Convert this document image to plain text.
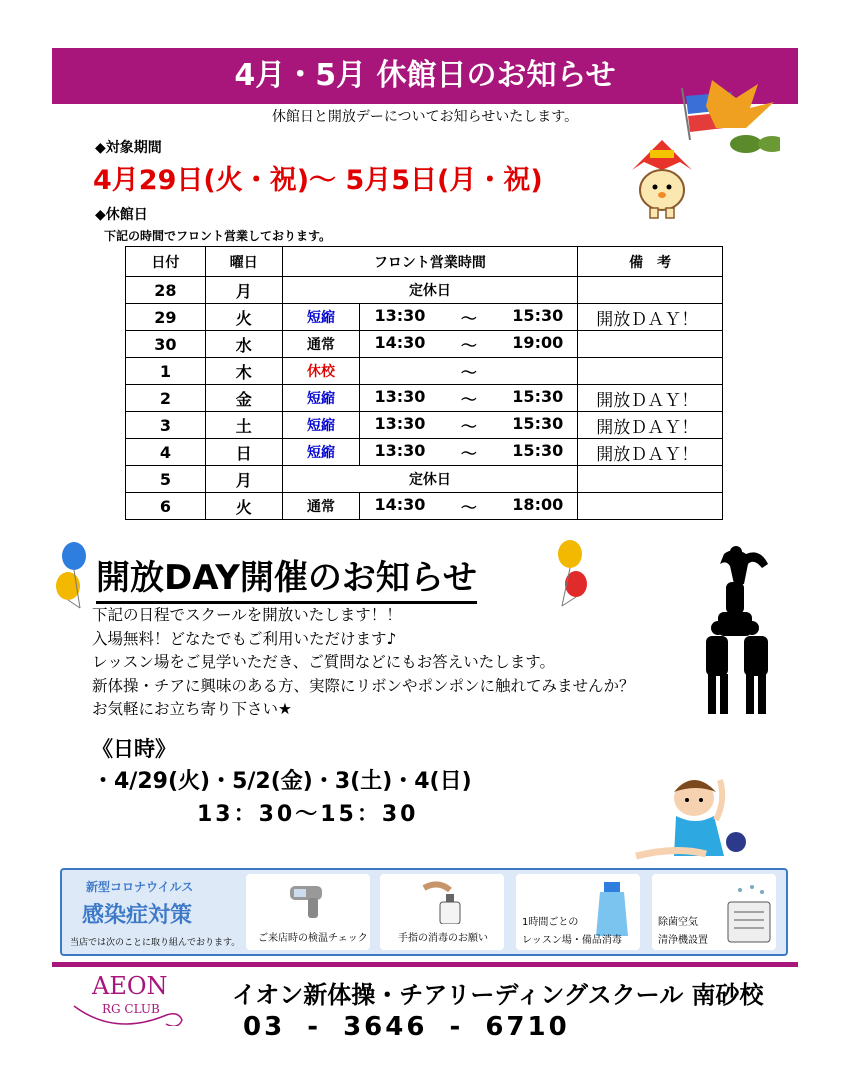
4月・5月 休館日のお知らせ
休館日と開放デーについてお知らせいたします。
◆対象期間
4月29日(火・祝)～ 5月5日(月・祝)
◆休館日
下記の時間でフロント営業しております。
日付	曜日	フロント営業時間		備　考
28	月	定休日		
29	火	短縮	13:30 ～ 15:30	開放ＤＡＹ！
30	水	通常	14:30 ～ 19:00	

1	木	休校	～	

2	金	短縮	13:30 ～ 15:30	開放ＤＡＹ！
3	土	短縮	13:30 ～ 15:30	開放ＤＡＹ！
4	日	短縮	13:30 ～ 15:30	開放ＤＡＹ！
5	月	定休日		
6	火	通常	14:30 ～ 18:00	

開放DAY開催のお知らせ
下記の日程でスクールを開放いたします！！
入場無料！どなたでもご利用いただけます♪
レッスン場をご見学いただき、ご質問などにもお答えいたします。
新体操・チアに興味のある方、実際にリボンやポンポンに触れてみませんか？
お気軽にお立ち寄り下さい★
《日時》
・4/29(火)・5/2(金)・3(土)・4(日)
13：30～15：30
新型コロナウイルス
感染症対策
当店では次のことに取り組んでおります。 ご来店時の検温チェック	手指の消毒のお願い
1時間ごとの
レッスン場・備品消毒
除菌空気
清浄機設置
AEON
RG CLUB	イオン新体操・チアリーディングスクール 南砂校
03 - 3646 - 6710
